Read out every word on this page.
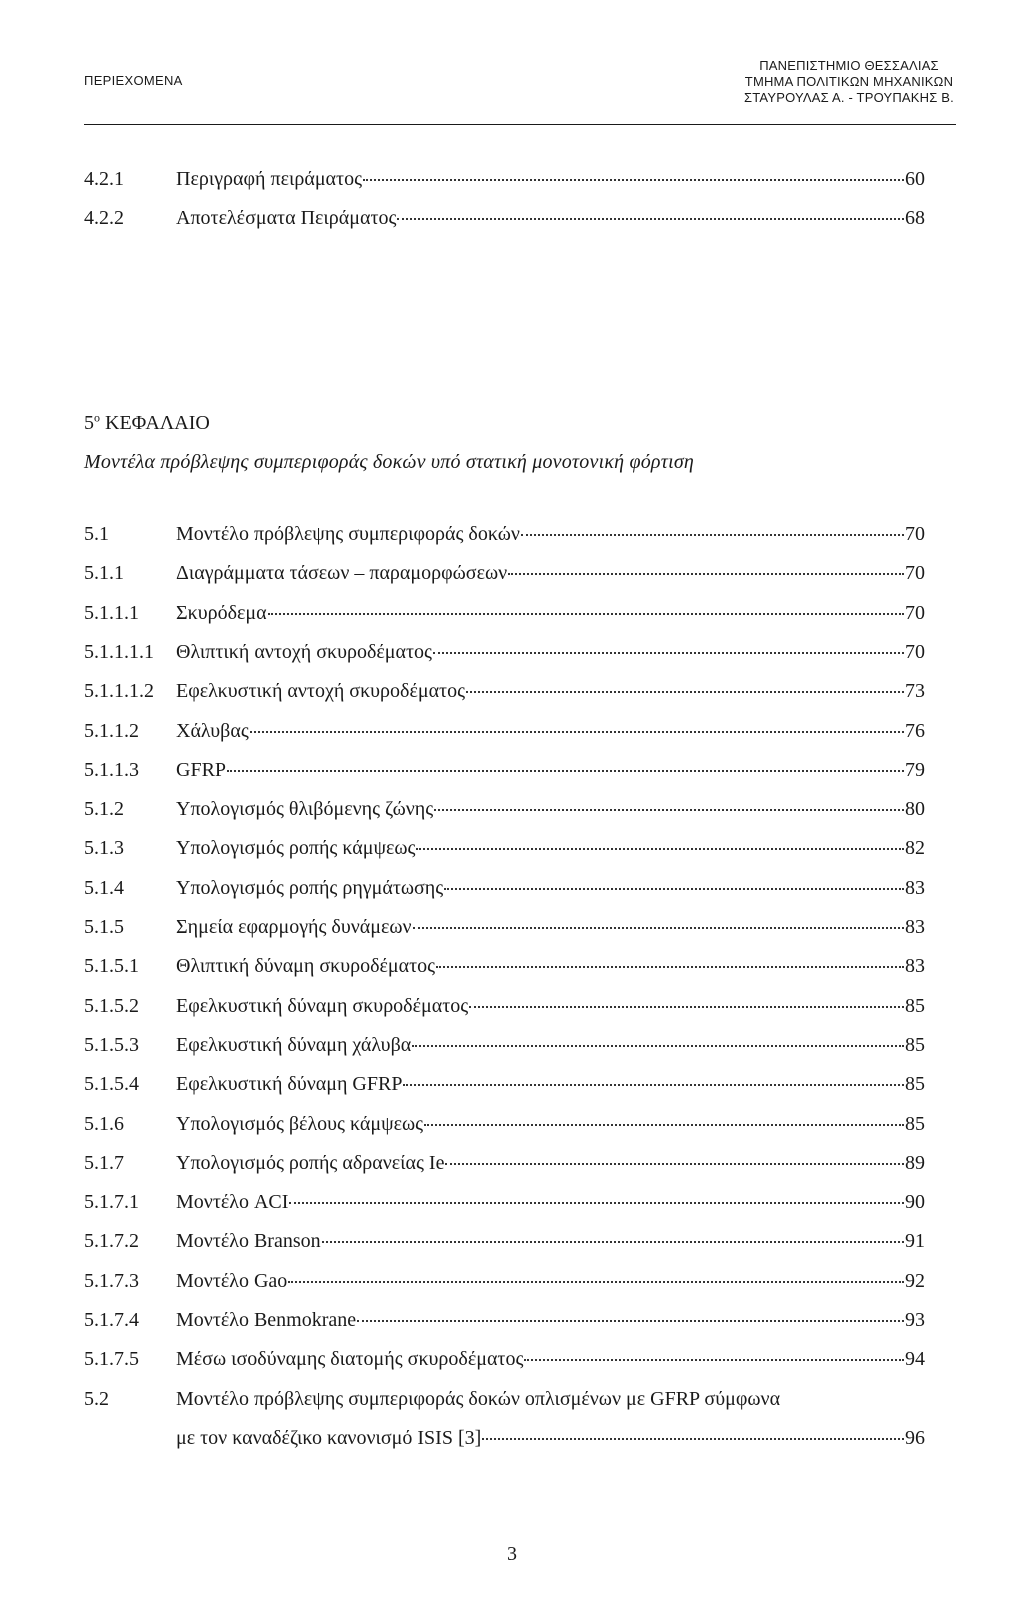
ΠΕΡΙΕΧΟΜΕΝΑ
ΠΑΝΕΠΙΣΤΗΜΙΟ ΘΕΣΣΑΛΙΑΣ
ΤΜΗΜΑ ΠΟΛΙΤΙΚΩΝ ΜΗΧΑΝΙΚΩΝ
ΣΤΑΥΡΟΥΛΑΣ Α. - ΤΡΟΥΠΑΚΗΣ Β.
4.2.1	Περιγραφή πειράματος	60
4.2.2	Αποτελέσματα Πειράματος	68
$5^o$ ΚΕΦΑΛΑΙΟ
Μοντέλα πρόβλεψης συμπεριφοράς δοκών υπό στατική μονοτονική φόρτιση
5.1	Μοντέλο πρόβλεψης συμπεριφοράς δοκών	70
5.1.1	Διαγράμματα τάσεων – παραμορφώσεων	70
5.1.1.1	Σκυρόδεμα	70
5.1.1.1.1	Θλιπτική αντοχή σκυροδέματος	70
5.1.1.1.2	Εφελκυστική αντοχή σκυροδέματος	73
5.1.1.2	Χάλυβας	76
5.1.1.3	GFRP	79
5.1.2	Υπολογισμός θλιβόμενης ζώνης	80
5.1.3	Υπολογισμός ροπής κάμψεως	82
5.1.4	Υπολογισμός ροπής ρηγμάτωσης	83
5.1.5	Σημεία εφαρμογής δυνάμεων	83
5.1.5.1	Θλιπτική δύναμη σκυροδέματος	83
5.1.5.2	Εφελκυστική δύναμη σκυροδέματος	85
5.1.5.3	Εφελκυστική δύναμη χάλυβα	85
5.1.5.4	Εφελκυστική δύναμη GFRP	85
5.1.6	Υπολογισμός βέλους κάμψεως	85
5.1.7	Υπολογισμός ροπής αδρανείας Ie	89
5.1.7.1	Μοντέλο ACI	90
5.1.7.2	Μοντέλο Branson	91
5.1.7.3	Μοντέλο Gao	92
5.1.7.4	Μοντέλο Benmokrane	93
5.1.7.5	Μέσω ισοδύναμης διατομής σκυροδέματος	94
5.2	Μοντέλο πρόβλεψης συμπεριφοράς δοκών οπλισμένων με GFRP σύμφωνα
με τον καναδέζικο κανονισμό ISIS [3]	96
3
